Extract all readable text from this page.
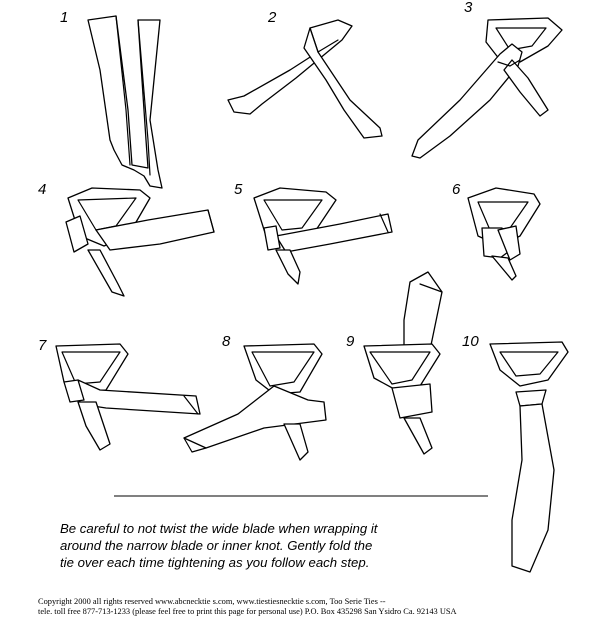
1	2
3
4	5	6
7	8	9	10
Be careful to not twist the wide blade when wrapping it
around the narrow blade or inner knot. Gently fold the
tie over each time tightening as you follow each step.
Copyright 2000 all rights reserved www.abcnecktie s.com, www.tiestiesnecktie s.com, Too Serie Ties --
tele. toll free 877-713-1233 (please feel free to print this page for personal use) P.O. Box 435298 San Ysidro Ca. 92143 USA
